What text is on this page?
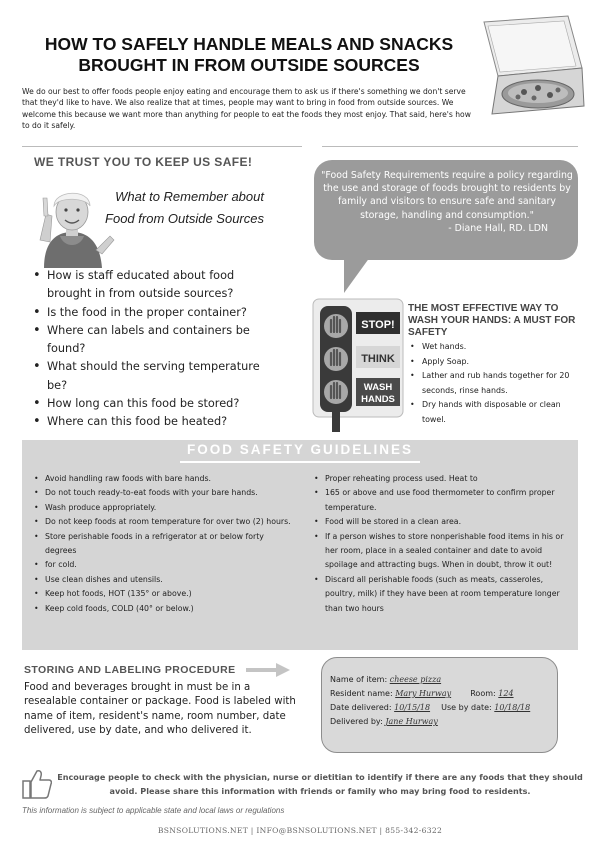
HOW TO SAFELY HANDLE MEALS AND SNACKS BROUGHT IN FROM OUTSIDE SOURCES
We do our best to offer foods people enjoy eating and encourage them to ask us if there's something we don't serve that they'd like to have. We also realize that at times, people may want to bring in food from outside sources. We welcome this because we want more than anything for people to eat the foods they most enjoy. That said, here's how to do it safely.
WE TRUST YOU TO KEEP US SAFE!
What to Remember about Food from Outside Sources
• How is staff educated about food brought in from outside sources?
• Is the food in the proper container?
• Where can labels and containers be found?
• What should the serving temperature be?
• How long can this food be stored?
• Where can this food be heated?
"Food Safety Requirements require a policy regarding the use and storage of foods brought to residents by family and visitors to ensure safe and sanitary storage, handling and consumption."
- Diane Hall, RD. LDN
STOP!
THINK
WASH
HANDS
THE MOST EFFECTIVE WAY TO WASH YOUR HANDS: A MUST FOR SAFETY
• Wet hands.
• Apply Soap.
• Lather and rub hands together for 20 seconds, rinse hands.
• Dry hands with disposable or clean towel.
FOOD SAFETY GUIDELINES
• Avoid handling raw foods with bare hands.
• Do not touch ready-to-eat foods with your bare hands.
• Wash produce appropriately.
• Do not keep foods at room temperature for over two (2) hours.
• Store perishable foods in a refrigerator at or below forty degrees
• for cold.
• Use clean dishes and utensils.
• Keep hot foods, HOT (135° or above.)
• Keep cold foods, COLD (40° or below.)
• Proper reheating process used. Heat to
• 165 or above and use food thermometer to confirm proper temperature.
• Food will be stored in a clean area.
• If a person wishes to store nonperishable food items in his or her room, place in a sealed container and date to avoid spoilage and attracting bugs. When in doubt, throw it out!
• Discard all perishable foods (such as meats, casseroles, poultry, milk) if they have been at room temperature longer than two hours
STORING AND LABELING PROCEDURE
Food and beverages brought in must be in a resealable container or package. Food is labeled with name of item, resident's name, room number, date delivered, use by date, and who delivered it.
Name of item: cheese pizza
Resident name: Mary Hurway Room: 124
Date delivered: 10/15/18 Use by date: 10/18/18
Delivered by: Jane Hurway
Encourage people to check with the physician, nurse or dietitian to identify if there are any foods that they should avoid. Please share this information with friends or family who may bring food to residents.
This information is subject to applicable state and local laws or regulations
BSNSOLUTIONS.NET | INFO@BSNSOLUTIONS.NET | 855-342-6322
